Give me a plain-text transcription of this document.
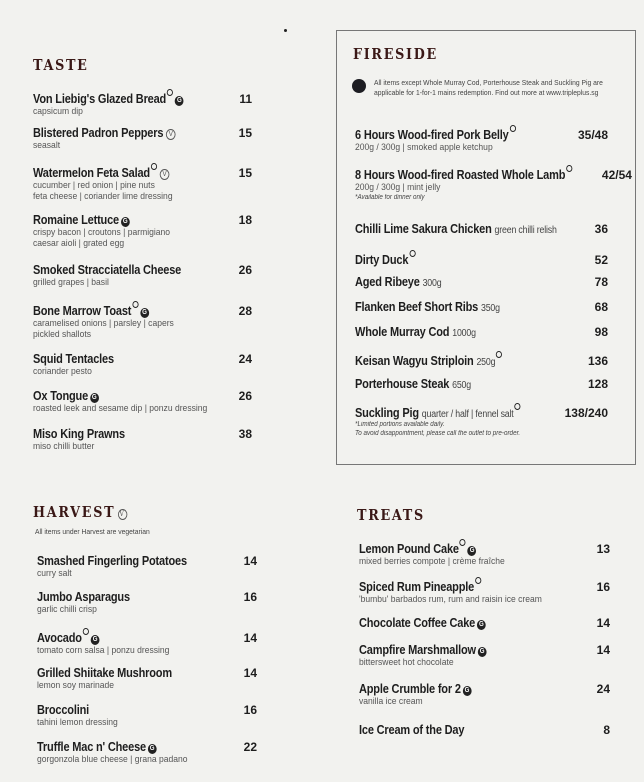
TASTE
HARVEST V
All items under Harvest are vegetarian
FIRESIDE
All items except Whole Murray Cod, Porterhouse Steak and Suckling Pig are
applicable for 1-for-1 mains redemption. Find out more at www.tripleplus.sg
TREATS
Von Liebig's Glazed Bread G	11
capsicum dip
Blistered Padron Peppers V	15
seasalt
Watermelon Feta Salad V	15
cucumber | red onion | pine nuts
feta cheese | coriander lime dressing
Romaine Lettuce G	18
crispy bacon | croutons | parmigiano
caesar aioli | grated egg
Smoked Stracciatella Cheese	26
grilled grapes | basil
Bone Marrow Toast G	28
caramelised onions | parsley | capers
pickled shallots
Squid Tentacles	24
coriander pesto
Ox Tongue G	26
roasted leek and sesame dip | ponzu dressing
Miso King Prawns	38
miso chilli butter
Smashed Fingerling Potatoes	14
curry salt
Jumbo Asparagus	16
garlic chilli crisp
Avocado G	14
tomato corn salsa | ponzu dressing
Grilled Shiitake Mushroom	14
lemon soy marinade
Broccolini	16
tahini lemon dressing
Truffle Mac n' Cheese G	22
gorgonzola blue cheese | grana padano
6 Hours Wood-fired Pork Belly	35/48
200g / 300g | smoked apple ketchup
8 Hours Wood-fired Roasted Whole Lamb	42/54
200g / 300g | mint jelly
*Available for dinner only
Chilli Lime Sakura Chicken green chilli relish	36
Dirty Duck	52
Aged Ribeye 300g	78
Flanken Beef Short Ribs 350g	68
Whole Murray Cod 1000g	98
Keisan Wagyu Striploin 250g	136
Porterhouse Steak 650g	128
Suckling Pig quarter / half | fennel salt	138/240
*Limited portions available daily.
To avoid disappointment, please call the outlet to pre-order.
Lemon Pound Cake G	13
mixed berries compote | crème fraîche
Spiced Rum Pineapple	16
'bumbu' barbados rum, rum and raisin ice cream
Chocolate Coffee Cake G	14
Campfire Marshmallow G	14
bittersweet hot chocolate
Apple Crumble for 2 G	24
vanilla ice cream
Ice Cream of the Day	8
